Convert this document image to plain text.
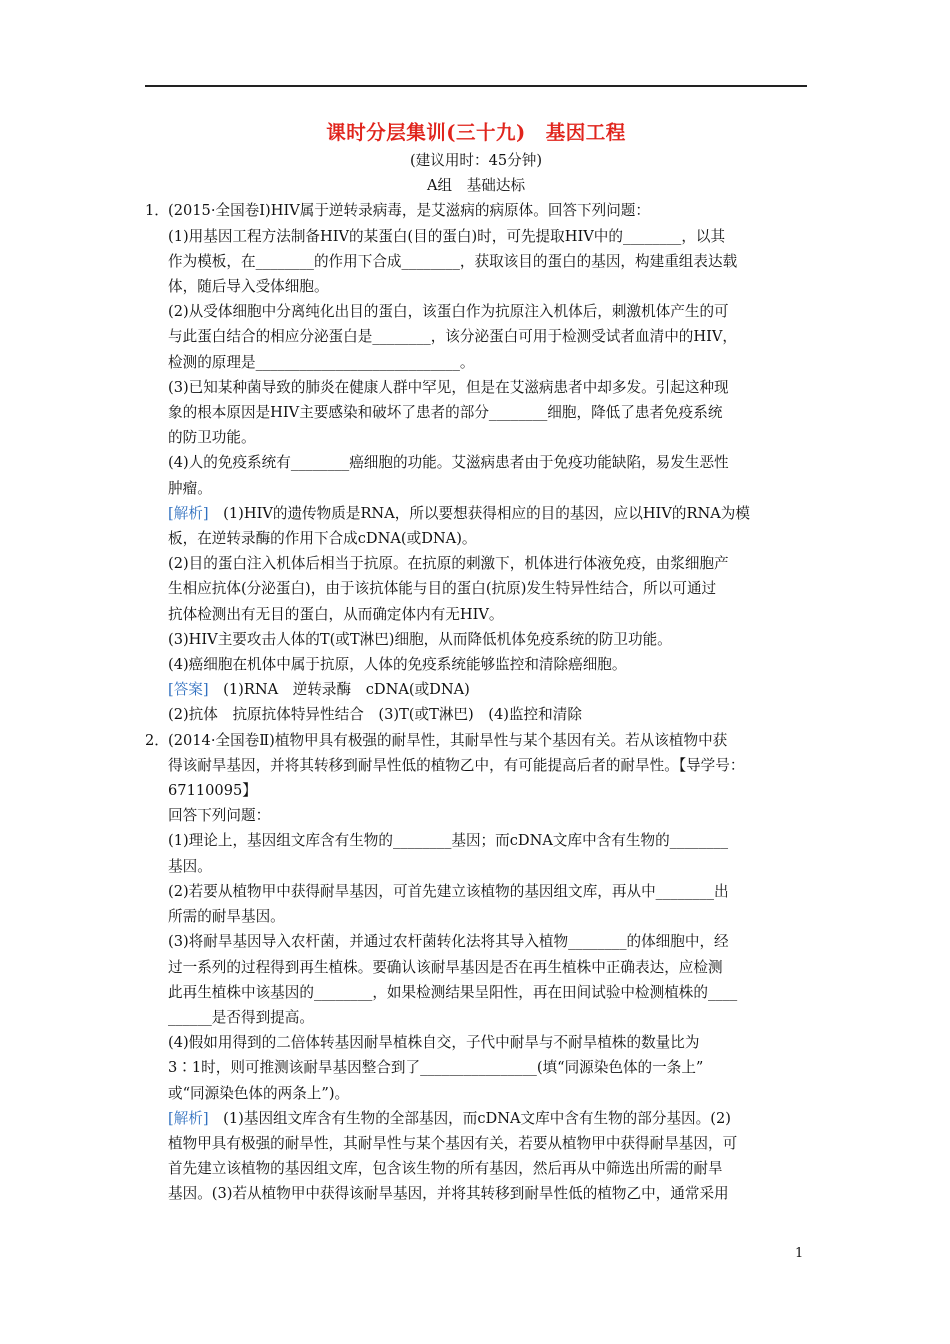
课时分层集训(三十九)　基因工程
(建议用时：45分钟)
A组　基础达标
1．(2015·全国卷Ⅰ)HIV属于逆转录病毒，是艾滋病的病原体。回答下列问题：
(1)用基因工程方法制备HIV的某蛋白(目的蛋白)时，可先提取HIV中的________，以其
作为模板，在________的作用下合成________，获取该目的蛋白的基因，构建重组表达载
体，随后导入受体细胞。
(2)从受体细胞中分离纯化出目的蛋白，该蛋白作为抗原注入机体后，刺激机体产生的可
与此蛋白结合的相应分泌蛋白是________，该分泌蛋白可用于检测受试者血清中的HIV，
检测的原理是____________________________。
(3)已知某种菌导致的肺炎在健康人群中罕见，但是在艾滋病患者中却多发。引起这种现
象的根本原因是HIV主要感染和破坏了患者的部分________细胞，降低了患者免疫系统
的防卫功能。
(4)人的免疫系统有________癌细胞的功能。艾滋病患者由于免疫功能缺陷，易发生恶性
肿瘤。
[解析]　(1)HIV的遗传物质是RNA，所以要想获得相应的目的基因，应以HIV的RNA为模
板，在逆转录酶的作用下合成cDNA(或DNA)。
(2)目的蛋白注入机体后相当于抗原。在抗原的刺激下，机体进行体液免疫，由浆细胞产
生相应抗体(分泌蛋白)，由于该抗体能与目的蛋白(抗原)发生特异性结合，所以可通过
抗体检测出有无目的蛋白，从而确定体内有无HIV。
(3)HIV主要攻击人体的T(或T淋巴)细胞，从而降低机体免疫系统的防卫功能。
(4)癌细胞在机体中属于抗原，人体的免疫系统能够监控和清除癌细胞。
[答案]　(1)RNA　逆转录酶　cDNA(或DNA)
(2)抗体　抗原抗体特异性结合　(3)T(或T淋巴)　(4)监控和清除
2．(2014·全国卷Ⅱ)植物甲具有极强的耐旱性，其耐旱性与某个基因有关。若从该植物中获
得该耐旱基因，并将其转移到耐旱性低的植物乙中，有可能提高后者的耐旱性。【导学号：
67110095】
回答下列问题：
(1)理论上，基因组文库含有生物的________基因；而cDNA文库中含有生物的________
基因。
(2)若要从植物甲中获得耐旱基因，可首先建立该植物的基因组文库，再从中________出
所需的耐旱基因。
(3)将耐旱基因导入农杆菌，并通过农杆菌转化法将其导入植物________的体细胞中，经
过一系列的过程得到再生植株。要确认该耐旱基因是否在再生植株中正确表达，应检测
此再生植株中该基因的________，如果检测结果呈阳性，再在田间试验中检测植株的____
______是否得到提高。
(4)假如用得到的二倍体转基因耐旱植株自交，子代中耐旱与不耐旱植株的数量比为
3∶1时，则可推测该耐旱基因整合到了________________(填“同源染色体的一条上”
或“同源染色体的两条上”)。
[解析]　(1)基因组文库含有生物的全部基因，而cDNA文库中含有生物的部分基因。(2)
植物甲具有极强的耐旱性，其耐旱性与某个基因有关，若要从植物甲中获得耐旱基因，可
首先建立该植物的基因组文库，包含该生物的所有基因，然后再从中筛选出所需的耐旱
基因。(3)若从植物甲中获得该耐旱基因，并将其转移到耐旱性低的植物乙中，通常采用
1
